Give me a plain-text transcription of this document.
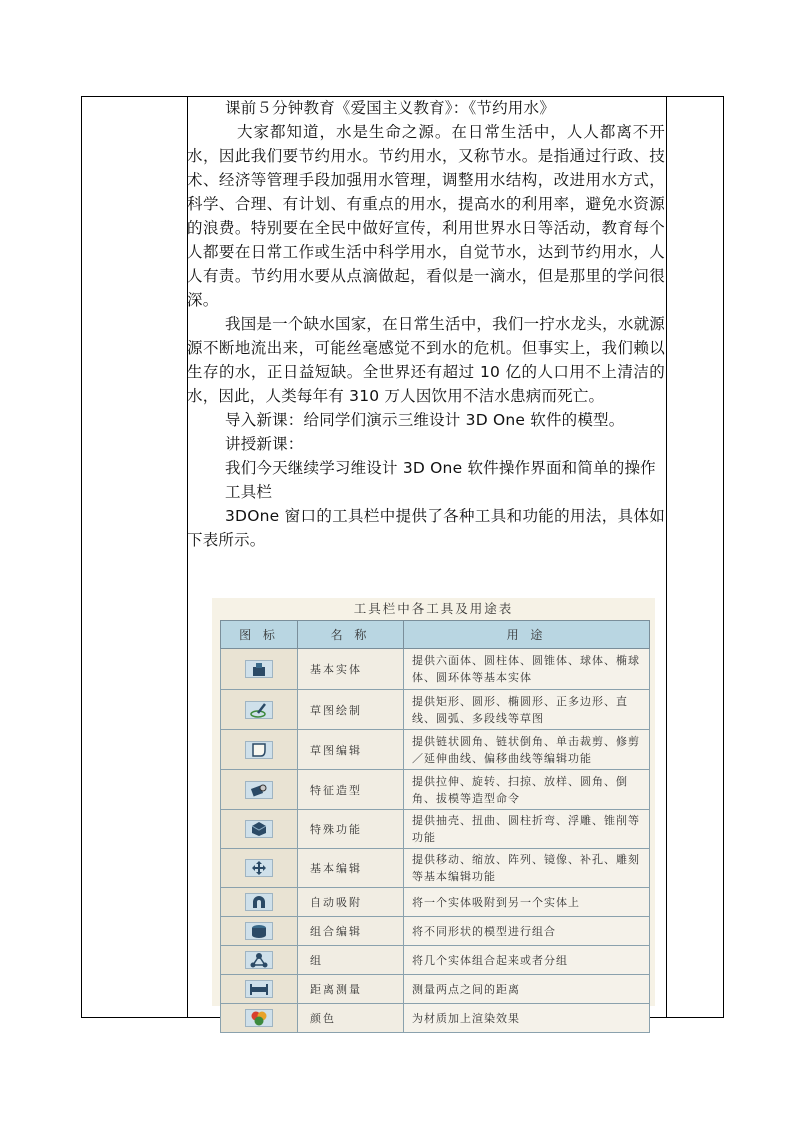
课前５分钟教育《爱国主义教育》：《节约用水》

大家都知道，水是生命之源。在日常生活中，人人都离不开水，因此我们要节约用水。节约用水，又称节水。是指通过行政、技术、经济等管理手段加强用水管理，调整用水结构，改进用水方式，科学、合理、有计划、有重点的用水，提高水的利用率，避免水资源的浪费。特别要在全民中做好宣传，利用世界水日等活动，教育每个人都要在日常工作或生活中科学用水，自觉节水，达到节约用水，人人有责。节约用水要从点滴做起，看似是一滴水，但是那里的学问很深。

我国是一个缺水国家，在日常生活中，我们一拧水龙头，水就源源不断地流出来，可能丝毫感觉不到水的危机。但事实上，我们赖以生存的水，正日益短缺。全世界还有超过 10 亿的人口用不上清洁的水，因此，人类每年有 310 万人因饮用不洁水患病而死亡。

导入新课：给同学们演示三维设计 3D One 软件的模型。

讲授新课：

我们今天继续学习维设计 3D One 软件操作界面和简单的操作

工具栏

3DOne 窗口的工具栏中提供了各种工具和功能的用法，具体如下表所示。

工具栏中各工具及用途表
图 标	名 称	用 途

	基本实体	提供六面体、圆柱体、圆锥体、球体、椭球体、圆环体等基本实体

	草图绘制	提供矩形、圆形、椭圆形、正多边形、直线、圆弧、多段线等草图

	草图编辑	提供链状圆角、链状倒角、单击裁剪、修剪／延伸曲线、偏移曲线等编辑功能

	特征造型	提供拉伸、旋转、扫掠、放样、圆角、倒角、拔模等造型命令

	特殊功能	提供抽壳、扭曲、圆柱折弯、浮雕、锥削等功能

	基本编辑	提供移动、缩放、阵列、镜像、补孔、雕刻等基本编辑功能

	自动吸附	将一个实体吸附到另一个实体上

	组合编辑	将不同形状的模型进行组合

	组	将几个实体组合起来或者分组

	距离测量	测量两点之间的距离

	颜色	为材质加上渲染效果
